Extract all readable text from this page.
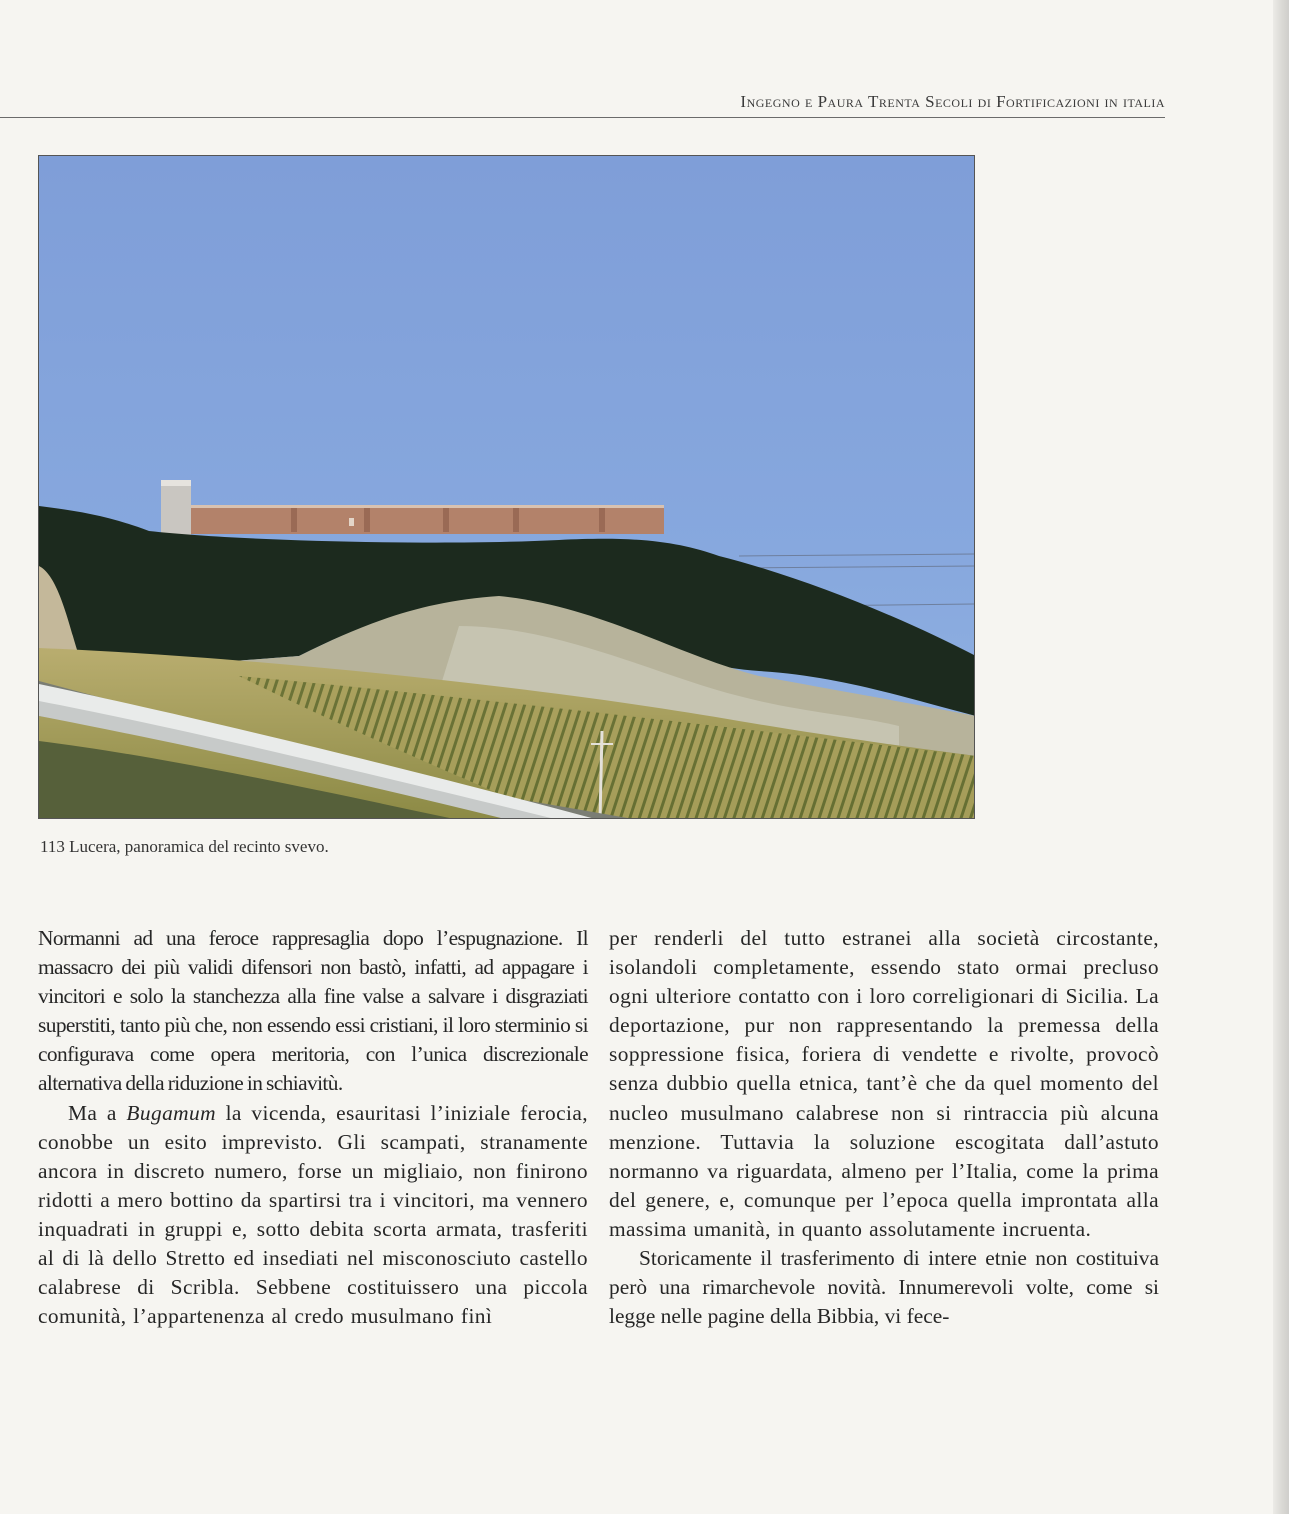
Ingegno e Paura Trenta Secoli di Fortificazioni in italia
113 Lucera, panoramica del recinto svevo.

Normanni ad una feroce rappresaglia dopo l’espugnazione. Il massacro dei più validi difensori non bastò, infatti, ad appagare i vincitori e solo la stanchezza alla fine valse a salvare i disgraziati superstiti, tanto più che, non essendo essi cristiani, il loro sterminio si configurava come opera meritoria, con l’unica discrezionale alternativa della riduzione in schiavitù.

Ma a Bugamum la vicenda, esauritasi l’iniziale ferocia, conobbe un esito imprevisto. Gli scampati, stranamente ancora in discreto numero, forse un migliaio, non finirono ridotti a mero bottino da spartirsi tra i vincitori, ma vennero inquadrati in gruppi e, sotto debita scorta armata, trasferiti al di là dello Stretto ed insediati nel misconosciuto castello calabrese di Scribla. Sebbene costituissero una piccola comunità, l’appartenenza al credo musulmano finì

per renderli del tutto estranei alla società circostante, isolandoli completamente, essendo stato ormai precluso ogni ulteriore contatto con i loro correligionari di Sicilia. La deportazione, pur non rappresentando la premessa della soppressione fisica, foriera di vendette e rivolte, provocò senza dubbio quella etnica, tant’è che da quel momento del nucleo musulmano calabrese non si rintraccia più alcuna menzione. Tuttavia la soluzione escogitata dall’astuto normanno va riguardata, almeno per l’Italia, come la prima del genere, e, comunque per l’epoca quella improntata alla massima umanità, in quanto assolutamente incruenta.

Storicamente il trasferimento di intere etnie non costituiva però una rimarchevole novità. Innumerevoli volte, come si legge nelle pagine della Bibbia, vi fece-
